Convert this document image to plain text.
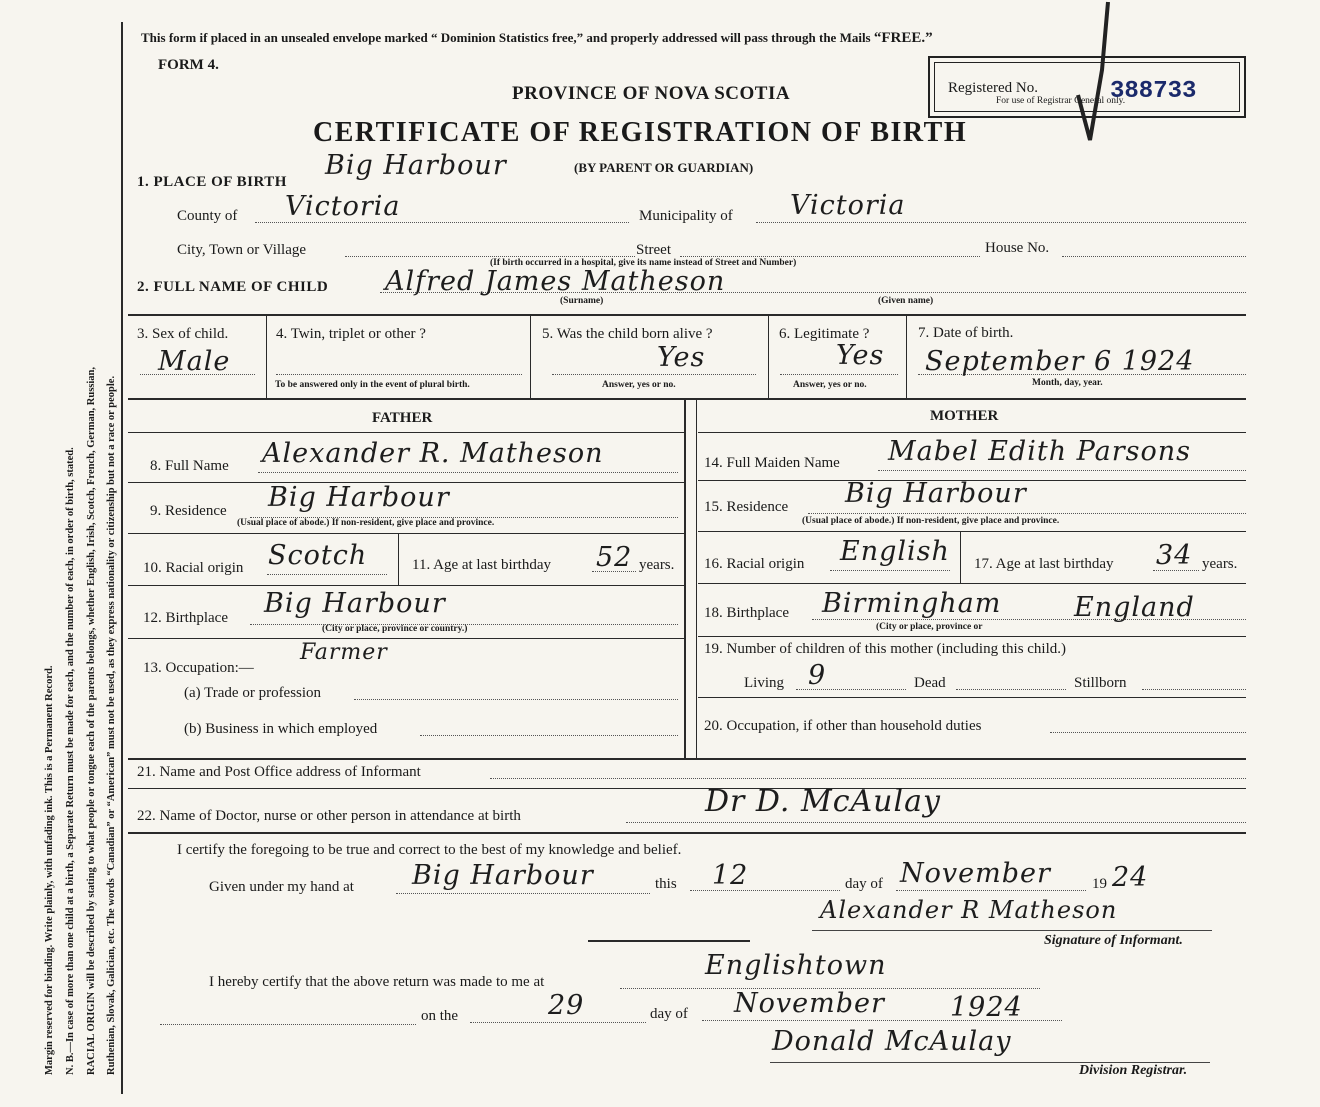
Margin reserved for binding. Write plainly, with unfading ink. This is a Permanent Record. N. B.—In case of more than one child at a birth, a Separate Return must be made for each, and the number of each, in order of birth, stated. RACIAL ORIGIN will be described by stating to what people or tongue each of the parents belongs, whether English, Irish, Scotch, French, German, Russian, Ruthenian, Slovak, Galician, etc. The words “Canadian” or “American” must not be used, as they express nationality or citizenship but not a race or people.
This form if placed in an unsealed envelope marked “ Dominion Statistics free,” and properly addressed will pass through the Mails “FREE.”
FORM 4.
PROVINCE OF NOVA SCOTIA
CERTIFICATE OF REGISTRATION OF BIRTH
(BY PARENT OR GUARDIAN)
Registered No.
For use of Registrar General only.
388733
1. PLACE OF BIRTH
Big Harbour
County of Victoria	Municipality of Victoria
City, Town or Village	Street	House No.
(If birth occurred in a hospital, give its name instead of Street and Number)
2. FULL NAME OF CHILD Alfred James Matheson
(Surname)	(Given name)
3. Sex of child.
Male
4. Twin, triplet or other ?
To be answered only in the event of plural birth.
5. Was the child born alive ?
Yes
Answer, yes or no.
6. Legitimate ?
Yes
Answer, yes or no.
7. Date of birth.
September 6 1924
Month, day, year.
FATHER	MOTHER
8. Full Name Alexander R. Matheson	14. Full Maiden Name Mabel Edith Parsons
9. Residence Big Harbour
(Usual place of abode.) If non-resident, give place and province.
15. Residence Big Harbour
(Usual place of abode.) If non-resident, give place and province.
10. Racial origin Scotch	11. Age at last birthday 52 years. 16. Racial origin English 17. Age at last birthday 34 years.
12. Birthplace Big Harbour
(City or place, province or country.)
18. Birthplace Birmingham	England
(City or place, province or
13. Occupation:—
Farmer
(a) Trade or profession
(b) Business in which employed
19. Number of children of this mother (including this child.)
Living 9	Dead	Stillborn
20. Occupation, if other than household duties
21. Name and Post Office address of Informant
22. Name of Doctor, nurse or other person in attendance at birth	Dr D. McAulay
I certify the foregoing to be true and correct to the best of my knowledge and belief.
Given under my hand at Big Harbour	this 12	day of November	19 24
Alexander R Matheson
Signature of Informant.
I hereby certify that the above return was made to me at
Englishtown
on the	29	day of November 1924
Donald McAulay
Division Registrar.
